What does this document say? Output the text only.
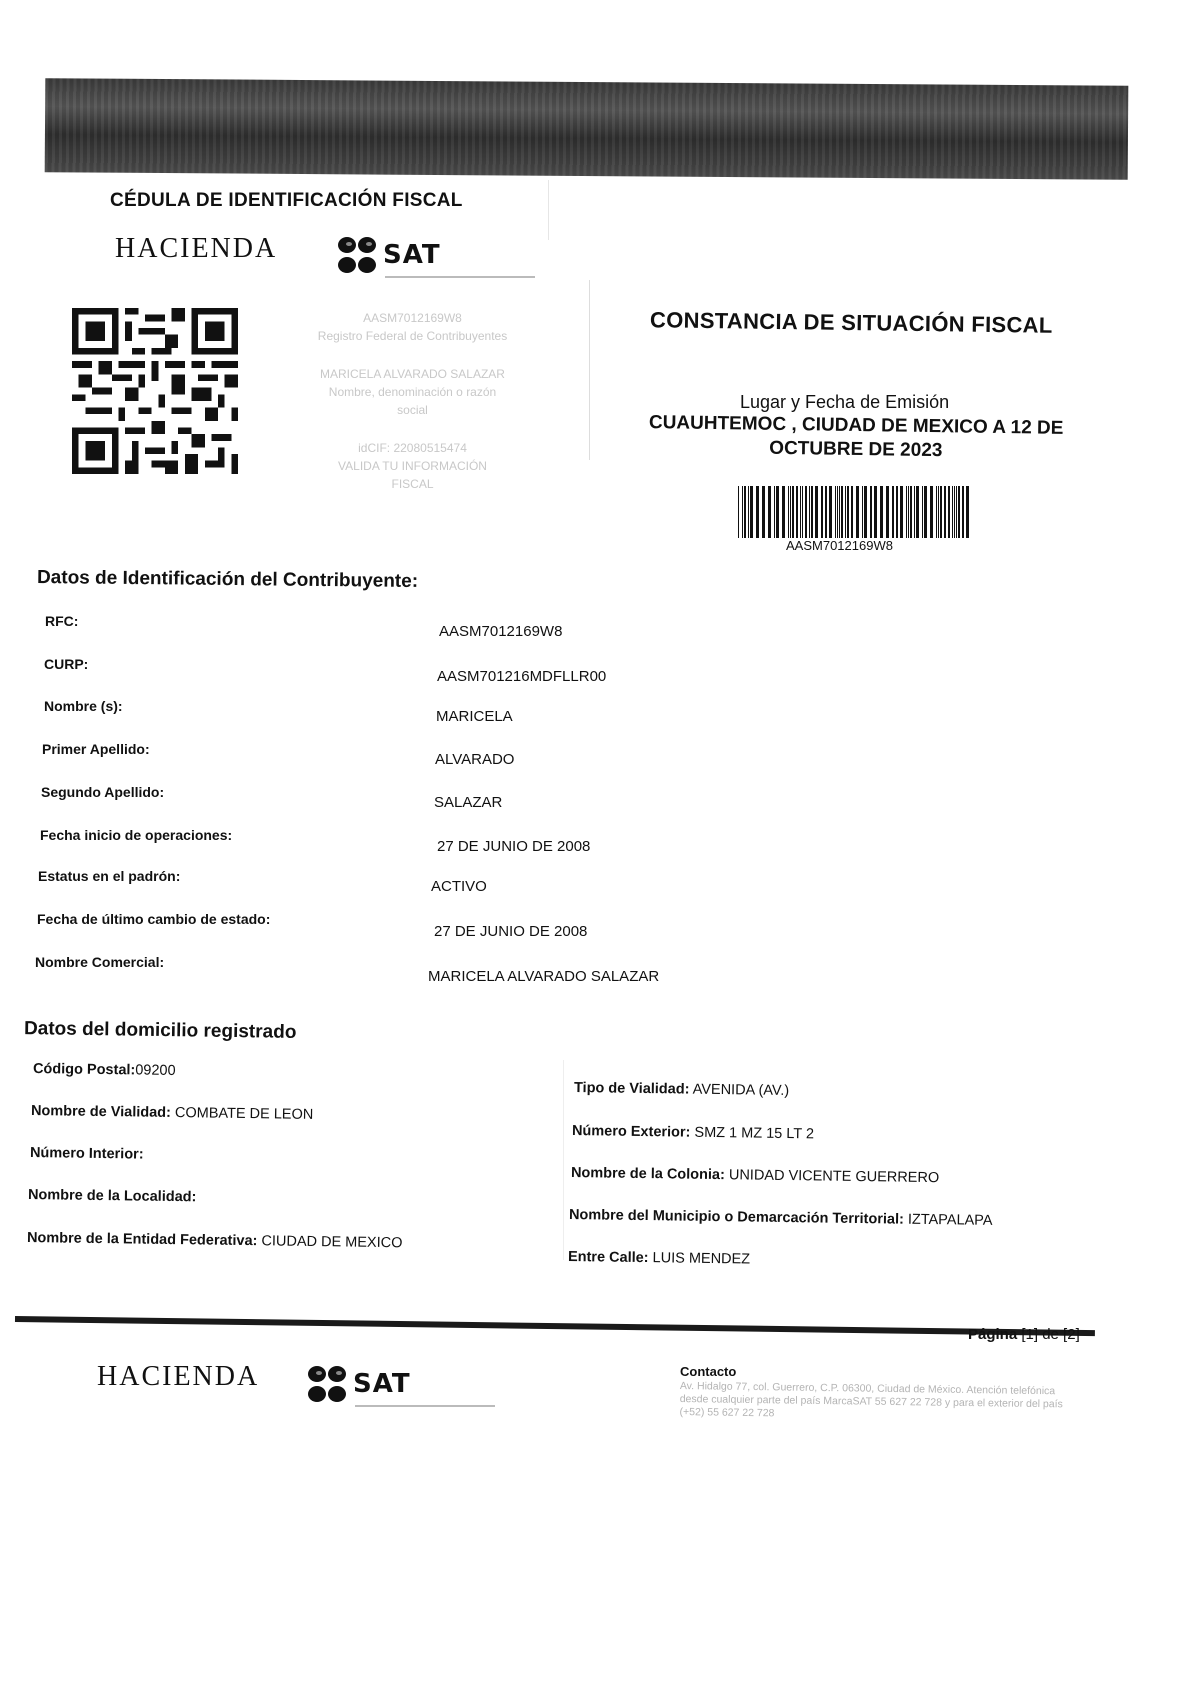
CÉDULA DE IDENTIFICACIÓN FISCAL
HACIENDA	SAT
AASM7012169W8
Registro Federal de Contribuyentes
MARICELA ALVARADO SALAZAR
Nombre, denominación o razón
social
idCIF: 22080515474
VALIDA TU INFORMACIÓN
FISCAL
CONSTANCIA DE SITUACIÓN FISCAL
Lugar y Fecha de Emisión
CUAUHTEMOC , CIUDAD DE MEXICO A 12 DE OCTUBRE DE 2023
AASM7012169W8
Datos de Identificación del Contribuyente:
RFC:
AASM7012169W8
CURP:
AASM701216MDFLLR00
Nombre (s):
MARICELA
Primer Apellido:
ALVARADO
Segundo Apellido:
SALAZAR
Fecha inicio de operaciones:
27 DE JUNIO DE 2008
Estatus en el padrón:
ACTIVO
Fecha de último cambio de estado:
27 DE JUNIO DE 2008
Nombre Comercial:
MARICELA ALVARADO SALAZAR
Datos del domicilio registrado
Código Postal:09200
Nombre de Vialidad: COMBATE DE LEON
Número Interior:
Nombre de la Localidad:
Nombre de la Entidad Federativa: CIUDAD DE MEXICO
Tipo de Vialidad: AVENIDA (AV.)
Número Exterior: SMZ 1 MZ 15 LT 2
Nombre de la Colonia: UNIDAD VICENTE GUERRERO
Nombre del Municipio o Demarcación Territorial: IZTAPALAPA
Entre Calle: LUIS MENDEZ
Página [1] de [2]
HACIENDA	SAT	Contacto
Av. Hidalgo 77, col. Guerrero, C.P. 06300, Ciudad de México. Atención telefónica desde cualquier parte del país MarcaSAT 55 627 22 728 y para el exterior del país (+52) 55 627 22 728
